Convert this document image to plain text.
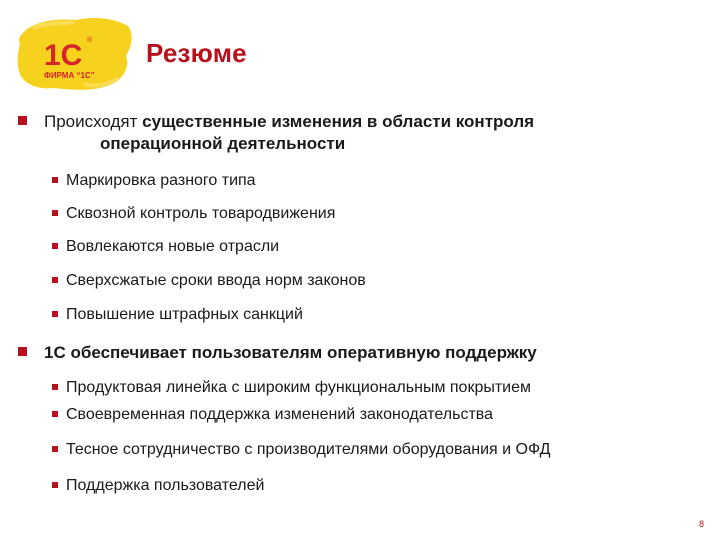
1С ®
ФИРМА “1С”
Резюме
Происходят существенные изменения в области контроля
операционной деятельности
Маркировка разного типа
Сквозной контроль товародвижения
Вовлекаются новые отрасли
Сверхсжатые сроки ввода норм законов
Повышение штрафных санкций
1С обеспечивает пользователям оперативную поддержку
Продуктовая линейка с широким функциональным покрытием
Своевременная поддержка изменений законодательства
Тесное сотрудничество с производителями оборудования и ОФД
Поддержка пользователей
8
